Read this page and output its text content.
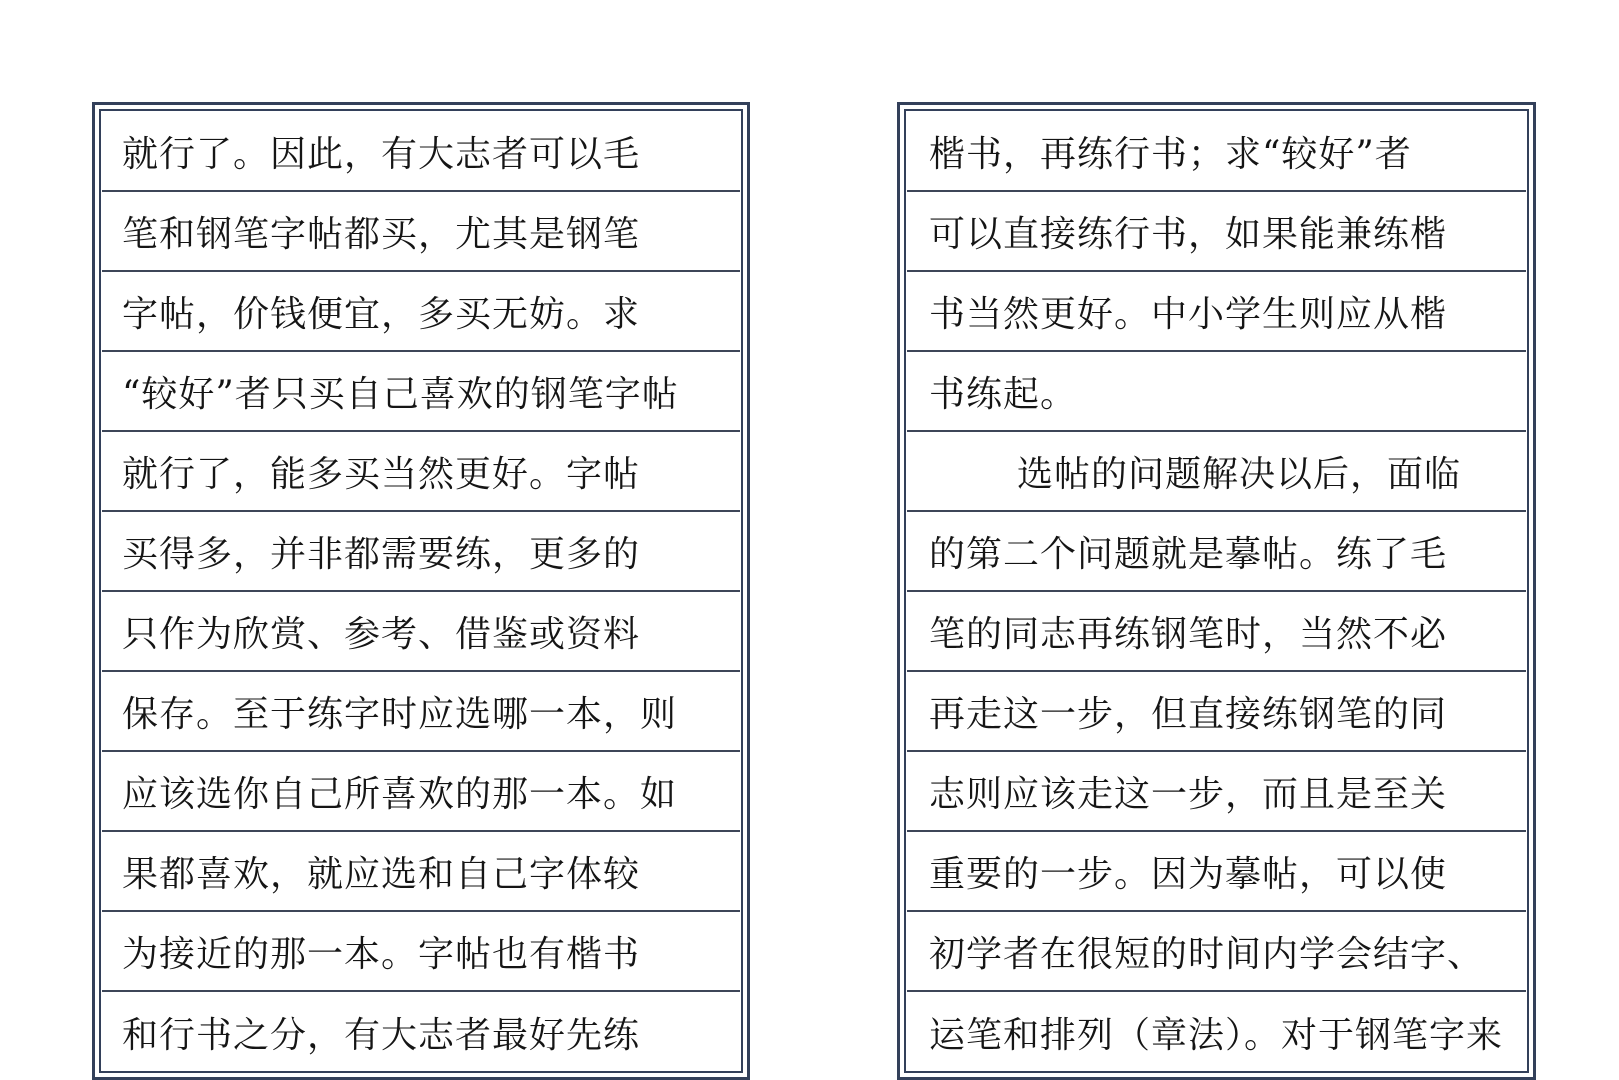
就行了。因此，有大志者可以毛
笔和钢笔字帖都买，尤其是钢笔
字帖，价钱便宜，多买无妨。求
“较好”者只买自己喜欢的钢笔字帖
就行了，能多买当然更好。字帖
买得多，并非都需要练，更多的
只作为欣赏、参考、借鉴或资料
保存。至于练字时应选哪一本，则
应该选你自己所喜欢的那一本。如
果都喜欢，就应选和自己字体较
为接近的那一本。字帖也有楷书
和行书之分，有大志者最好先练
楷书，再练行书；求“较好”者
可以直接练行书，如果能兼练楷
书当然更好。中小学生则应从楷
书练起。
选帖的问题解决以后，面临
的第二个问题就是摹帖。练了毛
笔的同志再练钢笔时，当然不必
再走这一步，但直接练钢笔的同
志则应该走这一步，而且是至关
重要的一步。因为摹帖，可以使
初学者在很短的时间内学会结字、
运笔和排列（章法）。对于钢笔字来
